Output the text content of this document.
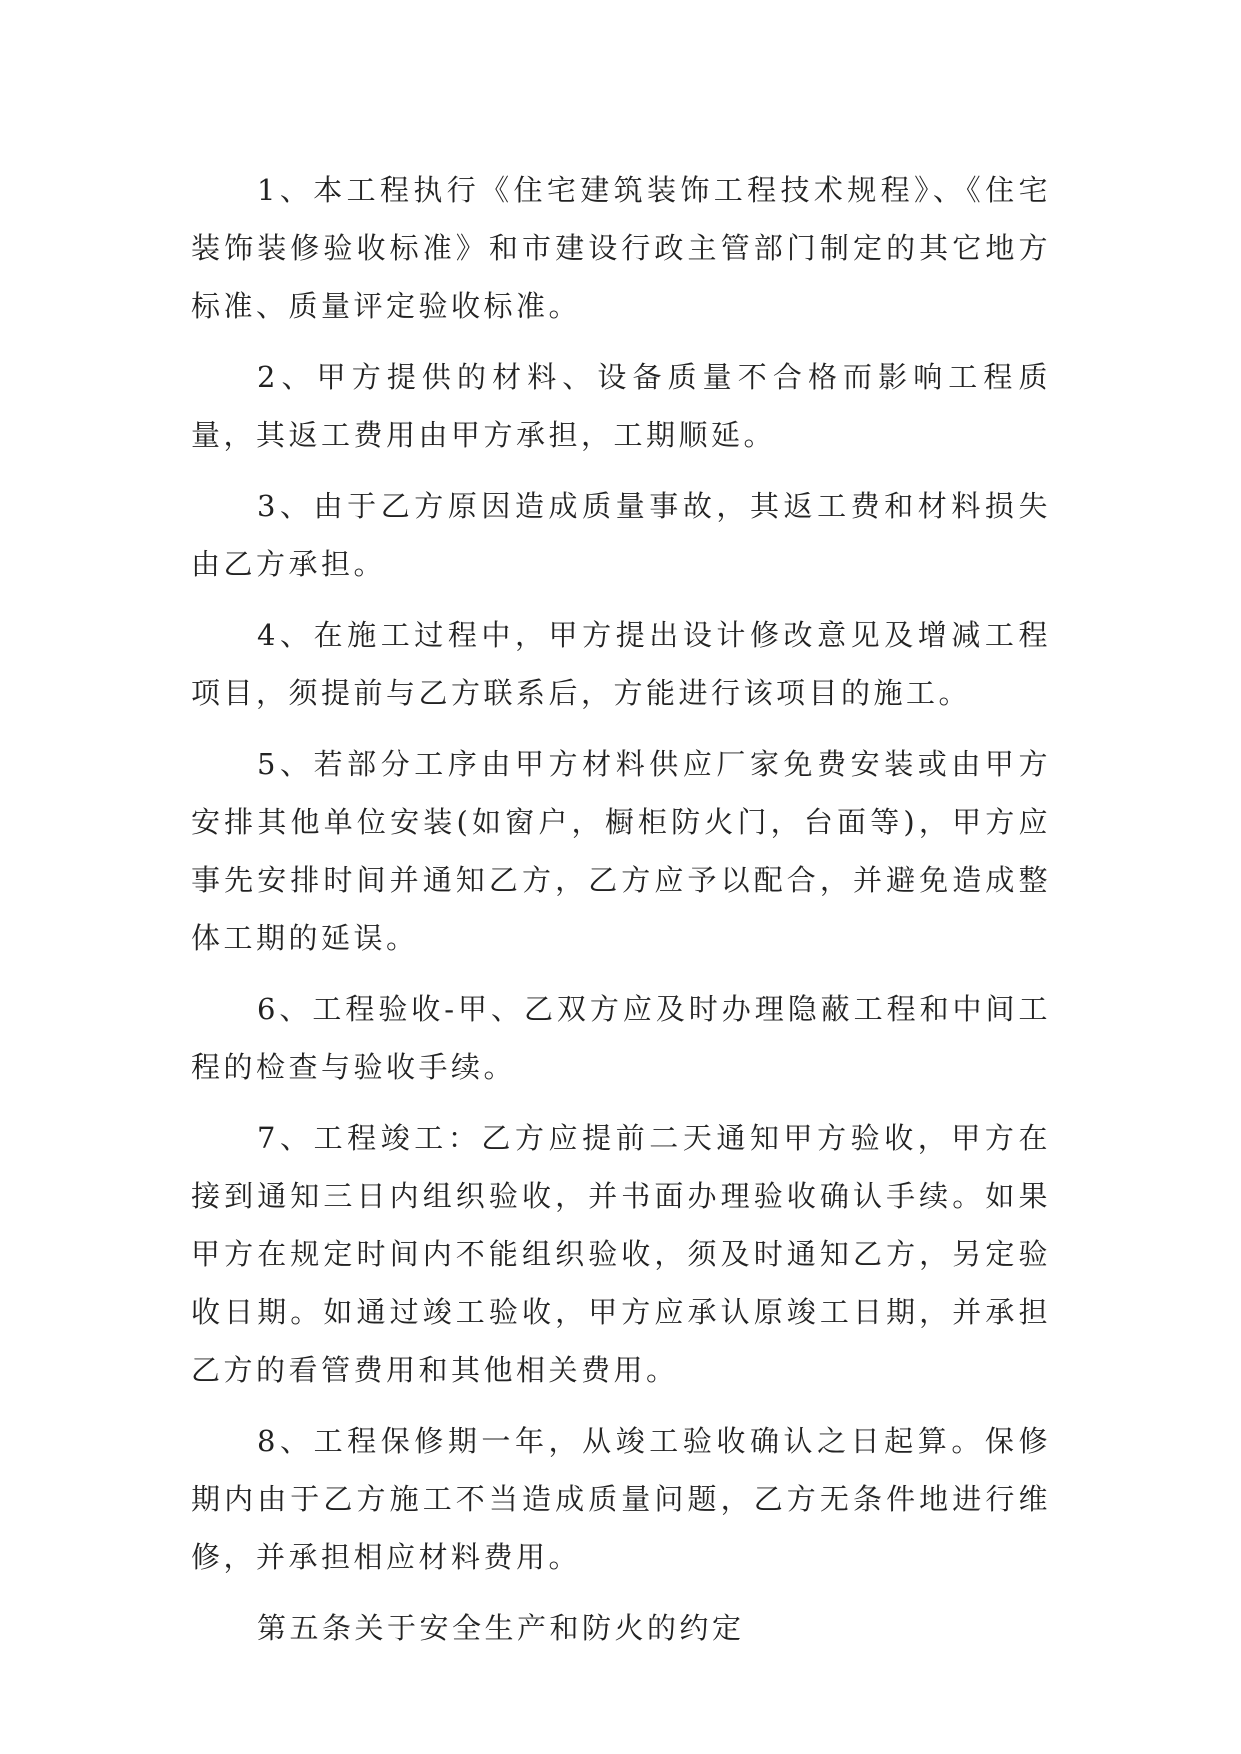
1、本工程执行《住宅建筑装饰工程技术规程》、《住宅装饰装修验收标准》和市建设行政主管部门制定的其它地方标准、质量评定验收标准。

2、甲方提供的材料、设备质量不合格而影响工程质量，其返工费用由甲方承担，工期顺延。

3、由于乙方原因造成质量事故，其返工费和材料损失由乙方承担。

4、在施工过程中，甲方提出设计修改意见及增减工程项目，须提前与乙方联系后，方能进行该项目的施工。

5、若部分工序由甲方材料供应厂家免费安装或由甲方安排其他单位安装(如窗户，橱柜防火门，台面等)，甲方应事先安排时间并通知乙方，乙方应予以配合，并避免造成整体工期的延误。

6、工程验收-甲、乙双方应及时办理隐蔽工程和中间工程的检查与验收手续。

7、工程竣工：乙方应提前二天通知甲方验收，甲方在接到通知三日内组织验收，并书面办理验收确认手续。如果甲方在规定时间内不能组织验收，须及时通知乙方，另定验收日期。如通过竣工验收，甲方应承认原竣工日期，并承担乙方的看管费用和其他相关费用。

8、工程保修期一年，从竣工验收确认之日起算。保修期内由于乙方施工不当造成质量问题，乙方无条件地进行维修，并承担相应材料费用。

第五条关于安全生产和防火的约定
